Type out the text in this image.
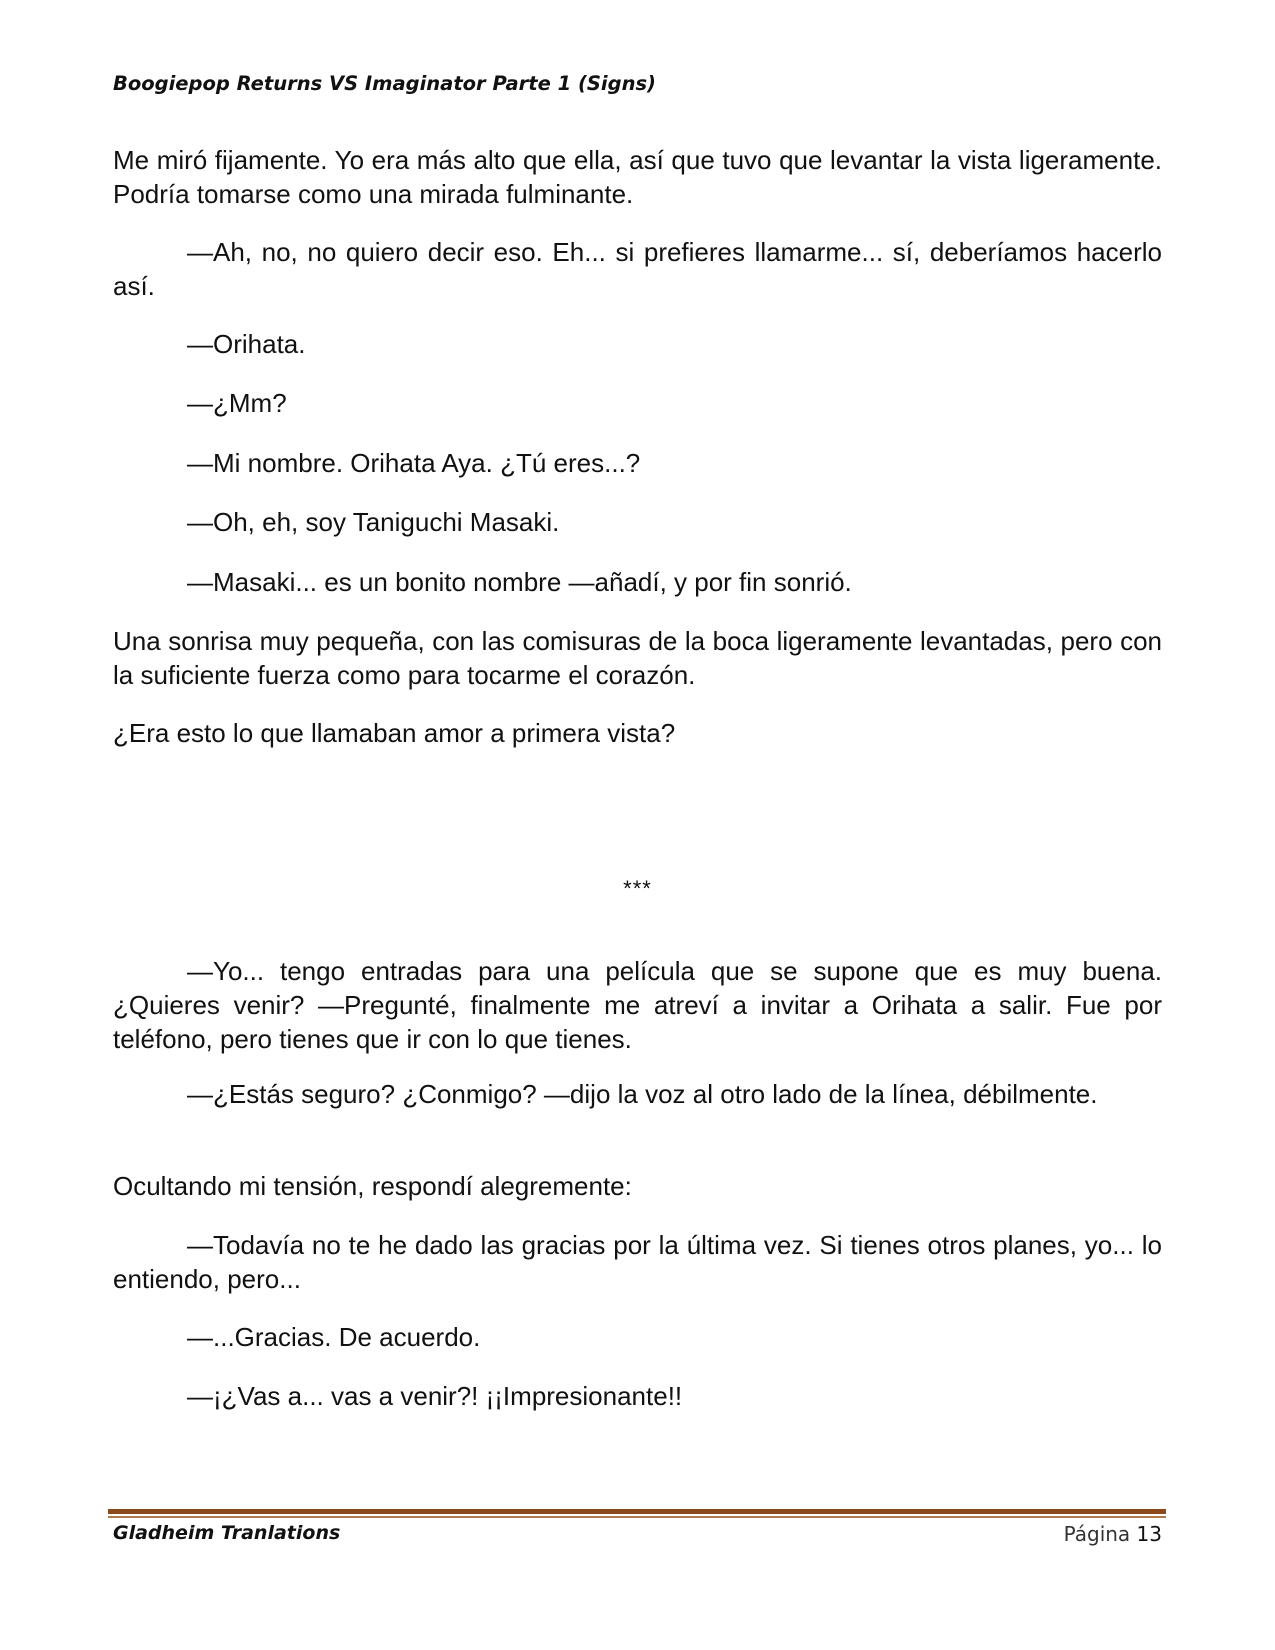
Boogiepop Returns VS Imaginator Parte 1 (Signs)

Me miró fijamente. Yo era más alto que ella, así que tuvo que levantar la vista ligeramente. Podría tomarse como una mirada fulminante.

—Ah, no, no quiero decir eso. Eh... si prefieres llamarme... sí, deberíamos hacerlo así.

—Orihata.

—¿Mm?

—Mi nombre. Orihata Aya. ¿Tú eres...?

—Oh, eh, soy Taniguchi Masaki.

—Masaki... es un bonito nombre —añadí, y por fin sonrió.

Una sonrisa muy pequeña, con las comisuras de la boca ligeramente levantadas, pero con la suficiente fuerza como para tocarme el corazón.

¿Era esto lo que llamaban amor a primera vista?

***

—Yo... tengo entradas para una película que se supone que es muy buena. ¿Quieres venir? —Pregunté, finalmente me atreví a invitar a Orihata a salir. Fue por teléfono, pero tienes que ir con lo que tienes.

—¿Estás seguro? ¿Conmigo? —dijo la voz al otro lado de la línea, débilmente.

Ocultando mi tensión, respondí alegremente:

—Todavía no te he dado las gracias por la última vez. Si tienes otros planes, yo... lo entiendo, pero...

—...Gracias. De acuerdo.

—¡¿Vas a... vas a venir?! ¡¡Impresionante!!

Gladheim Tranlations	Página 13
